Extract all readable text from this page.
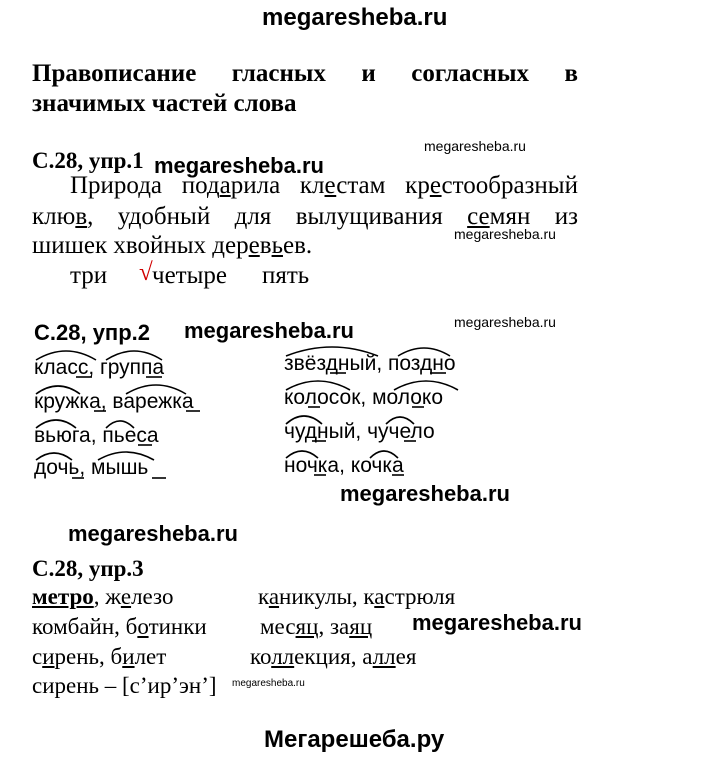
megaresheba.ru
megaresheba.ru
megaresheba.ru
megaresheba.ru
megaresheba.ru
megaresheba.ru
megaresheba.ru
megaresheba.ru
megaresheba.ru
megaresheba.ru
Правописание гласных и согласных в
значимых частей слова
С.28, упр.1
Природа подарила клестам крестообразный
клюв, удобный для вылущивания семян из
шишек хвойных деревьев.
три √ четыре пять
С.28, упр.2
класс, группа
кружка, варежка
вьюга, пьеса
дочь, мышь
звёздный, поздно
колосок, молоко
чудный, чучело
ночка, кочка
С.28, упр.3
метро, железо
комбайн, ботинки
сирень, билет
сирень – [с’ир’эн’]
каникулы, кастрюля
месяц, заяц
коллекция, аллея
Мегарешеба.ру
